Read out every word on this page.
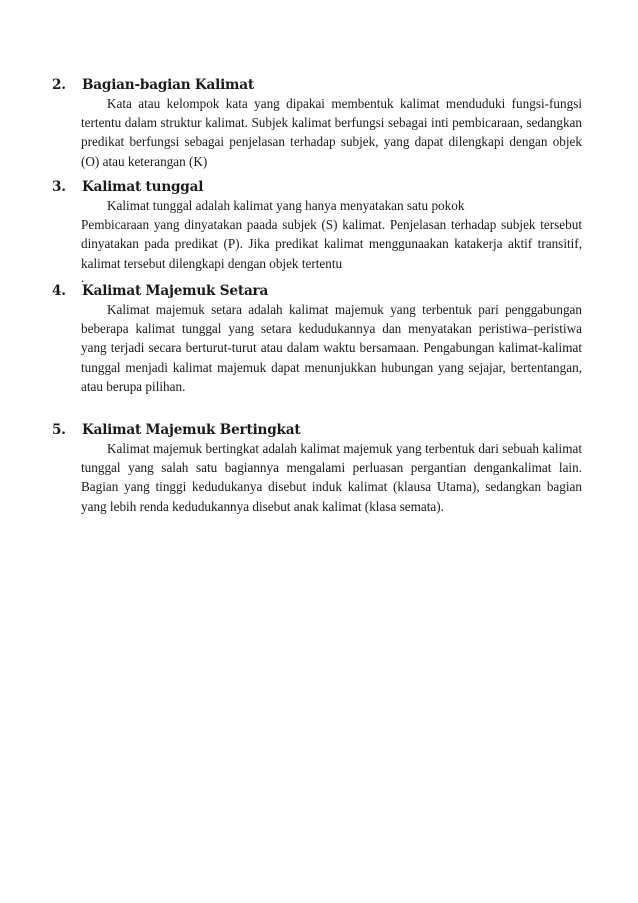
2.	Bagian-bagian Kalimat

Kata atau kelompok kata yang dipakai membentuk kalimat menduduki fungsi-fungsi tertentu dalam struktur kalimat. Subjek kalimat berfungsi sebagai inti pembicaraan, sedangkan predikat berfungsi sebagai penjelasan terhadap subjek, yang dapat dilengkapi dengan objek (O) atau keterangan (K)

3.	Kalimat tunggal

Kalimat tunggal adalah kalimat yang hanya menyatakan satu pokok

Pembicaraan yang dinyatakan paada subjek (S) kalimat. Penjelasan terhadap subjek tersebut dinyatakan pada predikat (P). Jika predikat kalimat menggunaakan katakerja aktif transitif, kalimat tersebut dilengkapi dengan objek tertentu

.

4.	Kalimat Majemuk Setara

Kalimat majemuk setara adalah kalimat majemuk yang terbentuk pari penggabungan beberapa kalimat tunggal yang setara kedudukannya dan menyatakan peristiwa–peristiwa yang terjadi secara berturut-turut atau dalam waktu bersamaan. Pengabungan kalimat-kalimat tunggal menjadi kalimat majemuk dapat menunjukkan hubungan yang sejajar, bertentangan, atau berupa pilihan.

5.	Kalimat Majemuk Bertingkat

Kalimat majemuk bertingkat adalah kalimat majemuk yang terbentuk dari sebuah kalimat tunggal yang salah satu bagiannya mengalami perluasan pergantian dengankalimat lain. Bagian yang tinggi kedudukanya disebut induk kalimat (klausa Utama), sedangkan bagian yang lebih renda kedudukannya disebut anak kalimat (klasa semata).
